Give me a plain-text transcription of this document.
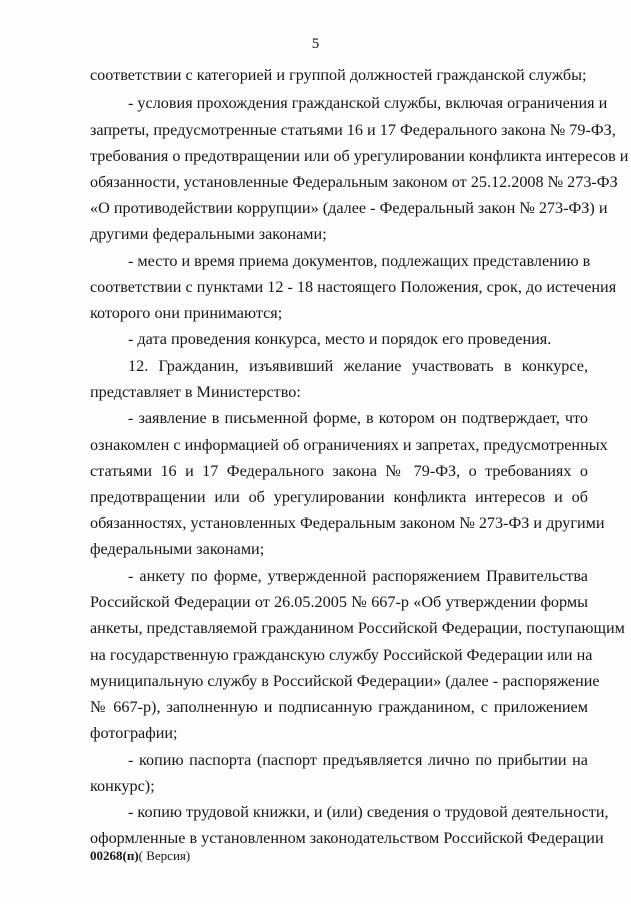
5
соответствии с категорией и группой должностей гражданской службы;
- условия прохождения гражданской службы, включая ограничения и
запреты, предусмотренные статьями 16 и 17 Федерального закона № 79-ФЗ,
требования о предотвращении или об урегулировании конфликта интересов и
обязанности, установленные Федеральным законом от 25.12.2008 № 273-ФЗ
«О противодействии коррупции» (далее - Федеральный закон № 273-ФЗ) и
другими федеральными законами;
- место и время приема документов, подлежащих представлению в
соответствии с пунктами 12 - 18 настоящего Положения, срок, до истечения
которого они принимаются;
- дата проведения конкурса, место и порядок его проведения.
12. Гражданин, изъявивший желание участвовать в конкурсе,
представляет в Министерство:
- заявление в письменной форме, в котором он подтверждает, что
ознакомлен с информацией об ограничениях и запретах, предусмотренных
статьями 16 и 17 Федерального закона № 79-ФЗ, о требованиях о
предотвращении или об урегулировании конфликта интересов и об
обязанностях, установленных Федеральным законом № 273-ФЗ и другими
федеральными законами;
- анкету по форме, утвержденной распоряжением Правительства
Российской Федерации от 26.05.2005 № 667-р «Об утверждении формы
анкеты, представляемой гражданином Российской Федерации, поступающим
на государственную гражданскую службу Российской Федерации или на
муниципальную службу в Российской Федерации» (далее - распоряжение
№ 667-р), заполненную и подписанную гражданином, с приложением
фотографии;
- копию паспорта (паспорт предъявляется лично по прибытии на
конкурс);
- копию трудовой книжки, и (или) сведения о трудовой деятельности,
оформленные в установленном законодательством Российской Федерации
00268(п)( Версия)
